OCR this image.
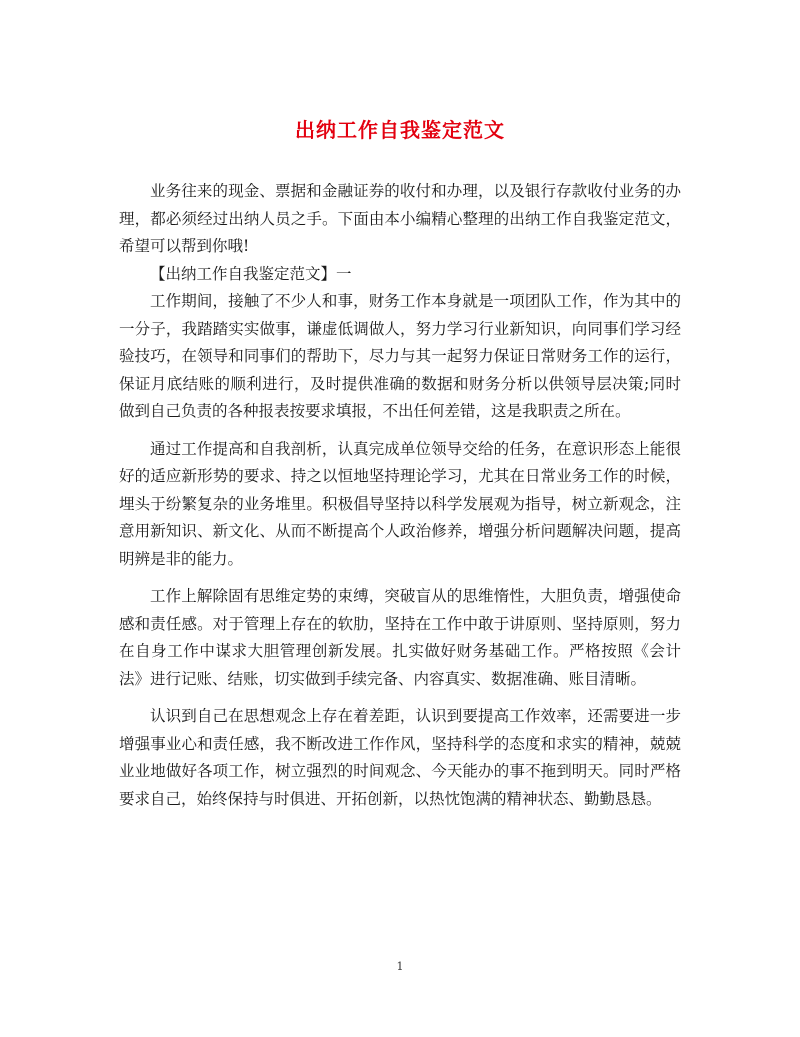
出纳工作自我鉴定范文

业务往来的现金、票据和金融证券的收付和办理，以及银行存款收付业务的办理，都必须经过出纳人员之手。下面由本小编精心整理的出纳工作自我鉴定范文，希望可以帮到你哦!

【出纳工作自我鉴定范文】一

工作期间，接触了不少人和事，财务工作本身就是一项团队工作，作为其中的一分子，我踏踏实实做事，谦虚低调做人，努力学习行业新知识，向同事们学习经验技巧，在领导和同事们的帮助下，尽力与其一起努力保证日常财务工作的运行，保证月底结账的顺利进行，及时提供准确的数据和财务分析以供领导层决策;同时做到自己负责的各种报表按要求填报，不出任何差错，这是我职责之所在。

通过工作提高和自我剖析，认真完成单位领导交给的任务，在意识形态上能很好的适应新形势的要求、持之以恒地坚持理论学习，尤其在日常业务工作的时候，埋头于纷繁复杂的业务堆里。积极倡导坚持以科学发展观为指导，树立新观念，注意用新知识、新文化、从而不断提高个人政治修养，增强分析问题解决问题，提高明辨是非的能力。

工作上解除固有思维定势的束缚，突破盲从的思维惰性，大胆负责，增强使命感和责任感。对于管理上存在的软肋，坚持在工作中敢于讲原则、坚持原则，努力在自身工作中谋求大胆管理创新发展。扎实做好财务基础工作。严格按照《会计法》进行记账、结账，切实做到手续完备、内容真实、数据准确、账目清晰。

认识到自己在思想观念上存在着差距，认识到要提高工作效率，还需要进一步增强事业心和责任感，我不断改进工作作风，坚持科学的态度和求实的精神，兢兢业业地做好各项工作，树立强烈的时间观念、今天能办的事不拖到明天。同时严格要求自己，始终保持与时俱进、开拓创新，以热忱饱满的精神状态、勤勤恳恳。

1
